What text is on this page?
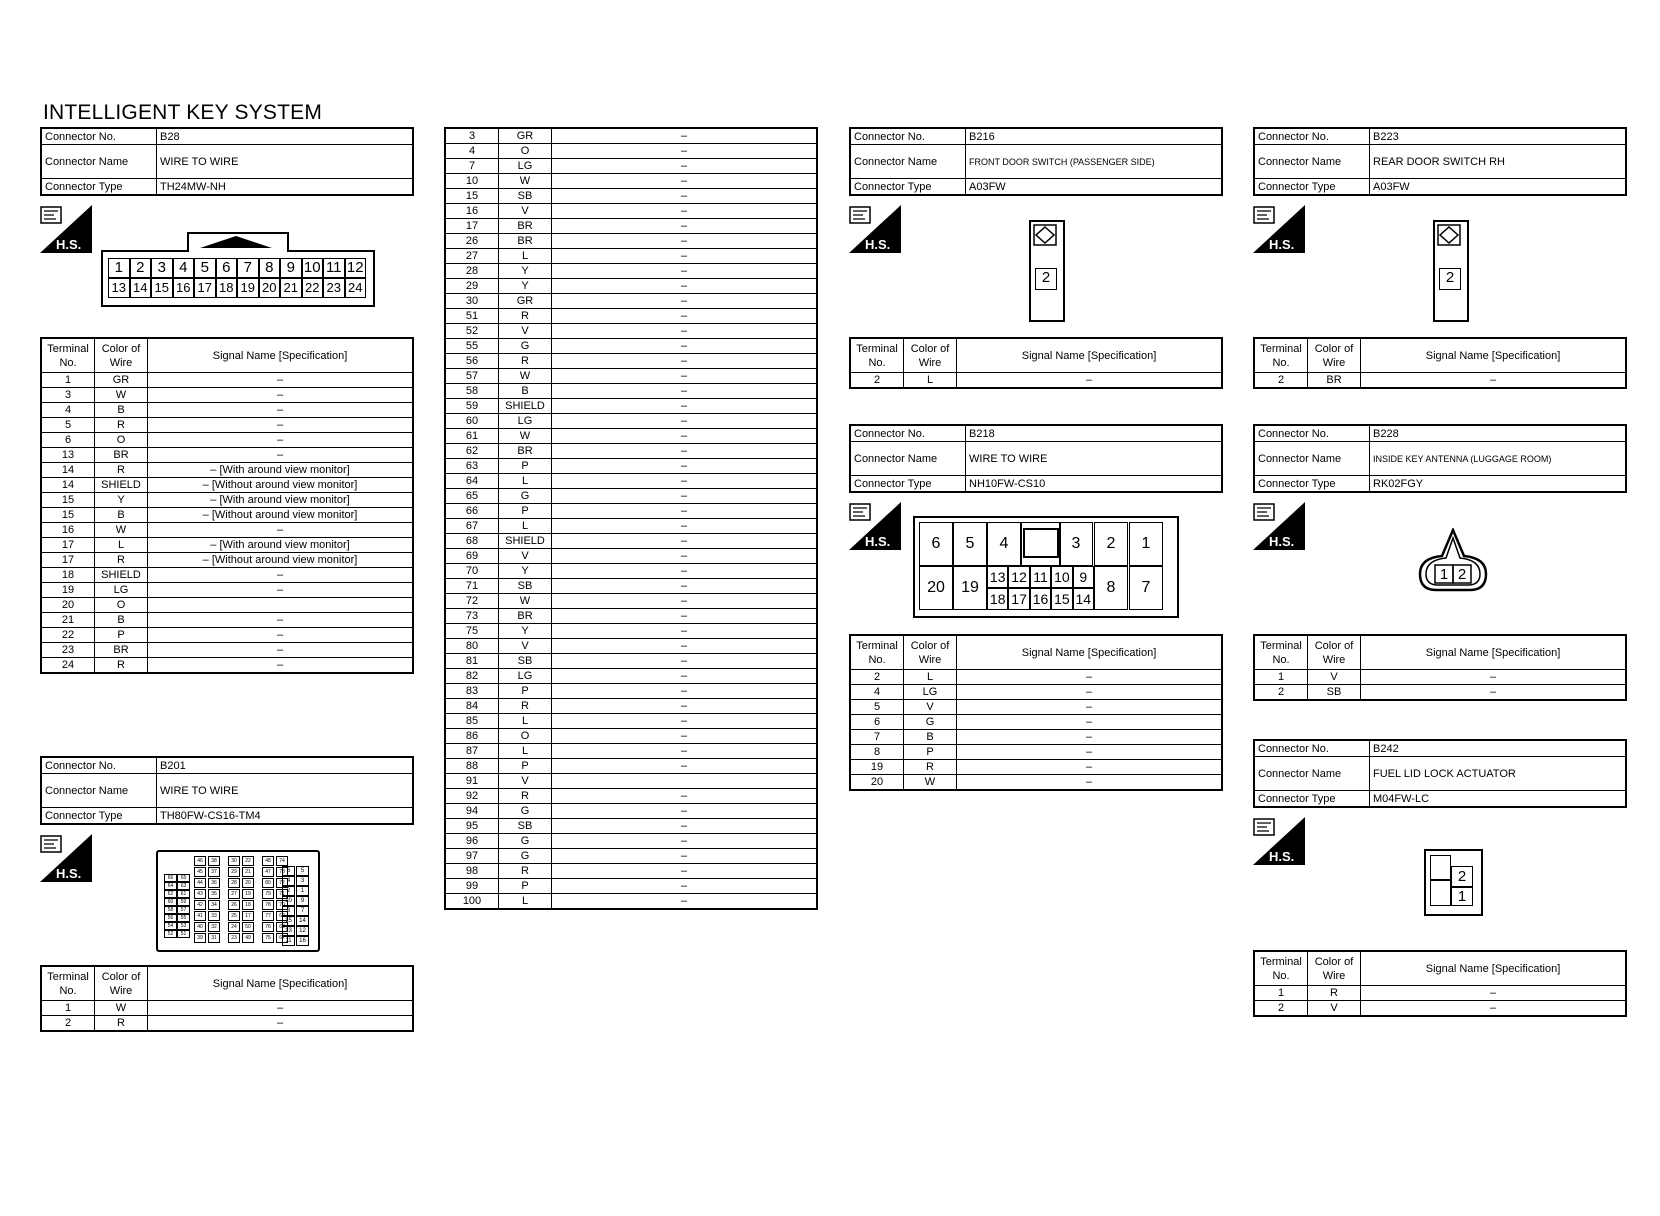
INTELLIGENT KEY SYSTEM
Connector No.	B28
Connector Name	WIRE TO WIRE
Connector Type	TH24MW-NH
H.S.
1 2 3 4 5 6 7 8 9 10 11 12
13 14 15 16 17 18 19 20 21 22 23 24
Terminal No.	Color of Wire	Signal Name [Specification]
1	GR	–
3	W	–
4	B	–
5	R	–
6	O	–
13	BR	–
14	R	– [With around view monitor]
14	SHIELD	– [Without around view monitor]
15	Y	– [With around view monitor]
15	B	– [Without around view monitor]
16	W	–
17	L	– [With around view monitor]
17	R	– [Without around view monitor]
18	SHIELD	–
19	LG	–
20	O	
21	B	–
22	P	–
23	BR	–
24	R	–
Connector No.	B201
Connector Name	WIRE TO WIRE
Connector Type	TH80FW-CS16-TM4
H.S.	66	65
64	63
62	61
60	59
58	57
56	55
54	53
52	51
46
45
44
43
42
41
40
39
38
37
36
35
34
33
32
31
30
29
28
27
26
25
24
23
22
21
20
19
18
17
50
49
48
47
80
79
78
77
76
75
74
73
72
71
70
69
68
67
6	5
4	3
2	1
10	9
8	7
15	14
13	12
11	16
Terminal No.	Color of Wire	Signal Name [Specification]
1	W	–
2	R	–
3	GR	–
4	O	–
7	LG	–
10	W	–
15	SB	–
16	V	–
17	BR	–
26	BR	–
27	L	–
28	Y	–
29	Y	–
30	GR	–
51	R	–
52	V	–
55	G	–
56	R	–
57	W	–
58	B	–
59	SHIELD	–
60	LG	–
61	W	–
62	BR	–
63	P	–
64	L	–
65	G	–
66	P	–
67	L	–
68	SHIELD	–
69	V	–
70	Y	–
71	SB	–
72	W	–
73	BR	–
75	Y	–
80	V	–
81	SB	–
82	LG	–
83	P	–
84	R	–
85	L	–
86	O	–
87	L	–
88	P	–
91	V	
92	R	–
94	G	–
95	SB	–
96	G	–
97	G	–
98	R	–
99	P	–
100	L	–
Connector No.	B216
Connector Name	FRONT DOOR SWITCH (PASSENGER SIDE)
Connector Type	A03FW
H.S.
2
Terminal No.	Color of Wire	Signal Name [Specification]
2	L	–
Connector No.	B218
Connector Name	WIRE TO WIRE
Connector Type	NH10FW-CS10
H.S.	6	5	4	3	2	1
20	19	8	7
13 12 11 10 9
18 17 16 15 14
Terminal No.	Color of Wire	Signal Name [Specification]
2	L	–
4	LG	–
5	V	–
6	G	–
7	B	–
8	P	–
19	R	–
20	W	–
Connector No.	B223
Connector Name	REAR DOOR SWITCH RH
Connector Type	A03FW
H.S.
2
Terminal No.	Color of Wire	Signal Name [Specification]
2	BR	–
Connector No.	B228
Connector Name	INSIDE KEY ANTENNA (LUGGAGE ROOM)
Connector Type	RK02FGY
H.S.
1 2
Terminal No.	Color of Wire	Signal Name [Specification]
1	V	–
2	SB	–
Connector No.	B242
Connector Name	FUEL LID LOCK ACTUATOR
Connector Type	M04FW-LC
H.S.
2
1
Terminal No.	Color of Wire	Signal Name [Specification]
1	R	–
2	V	–
